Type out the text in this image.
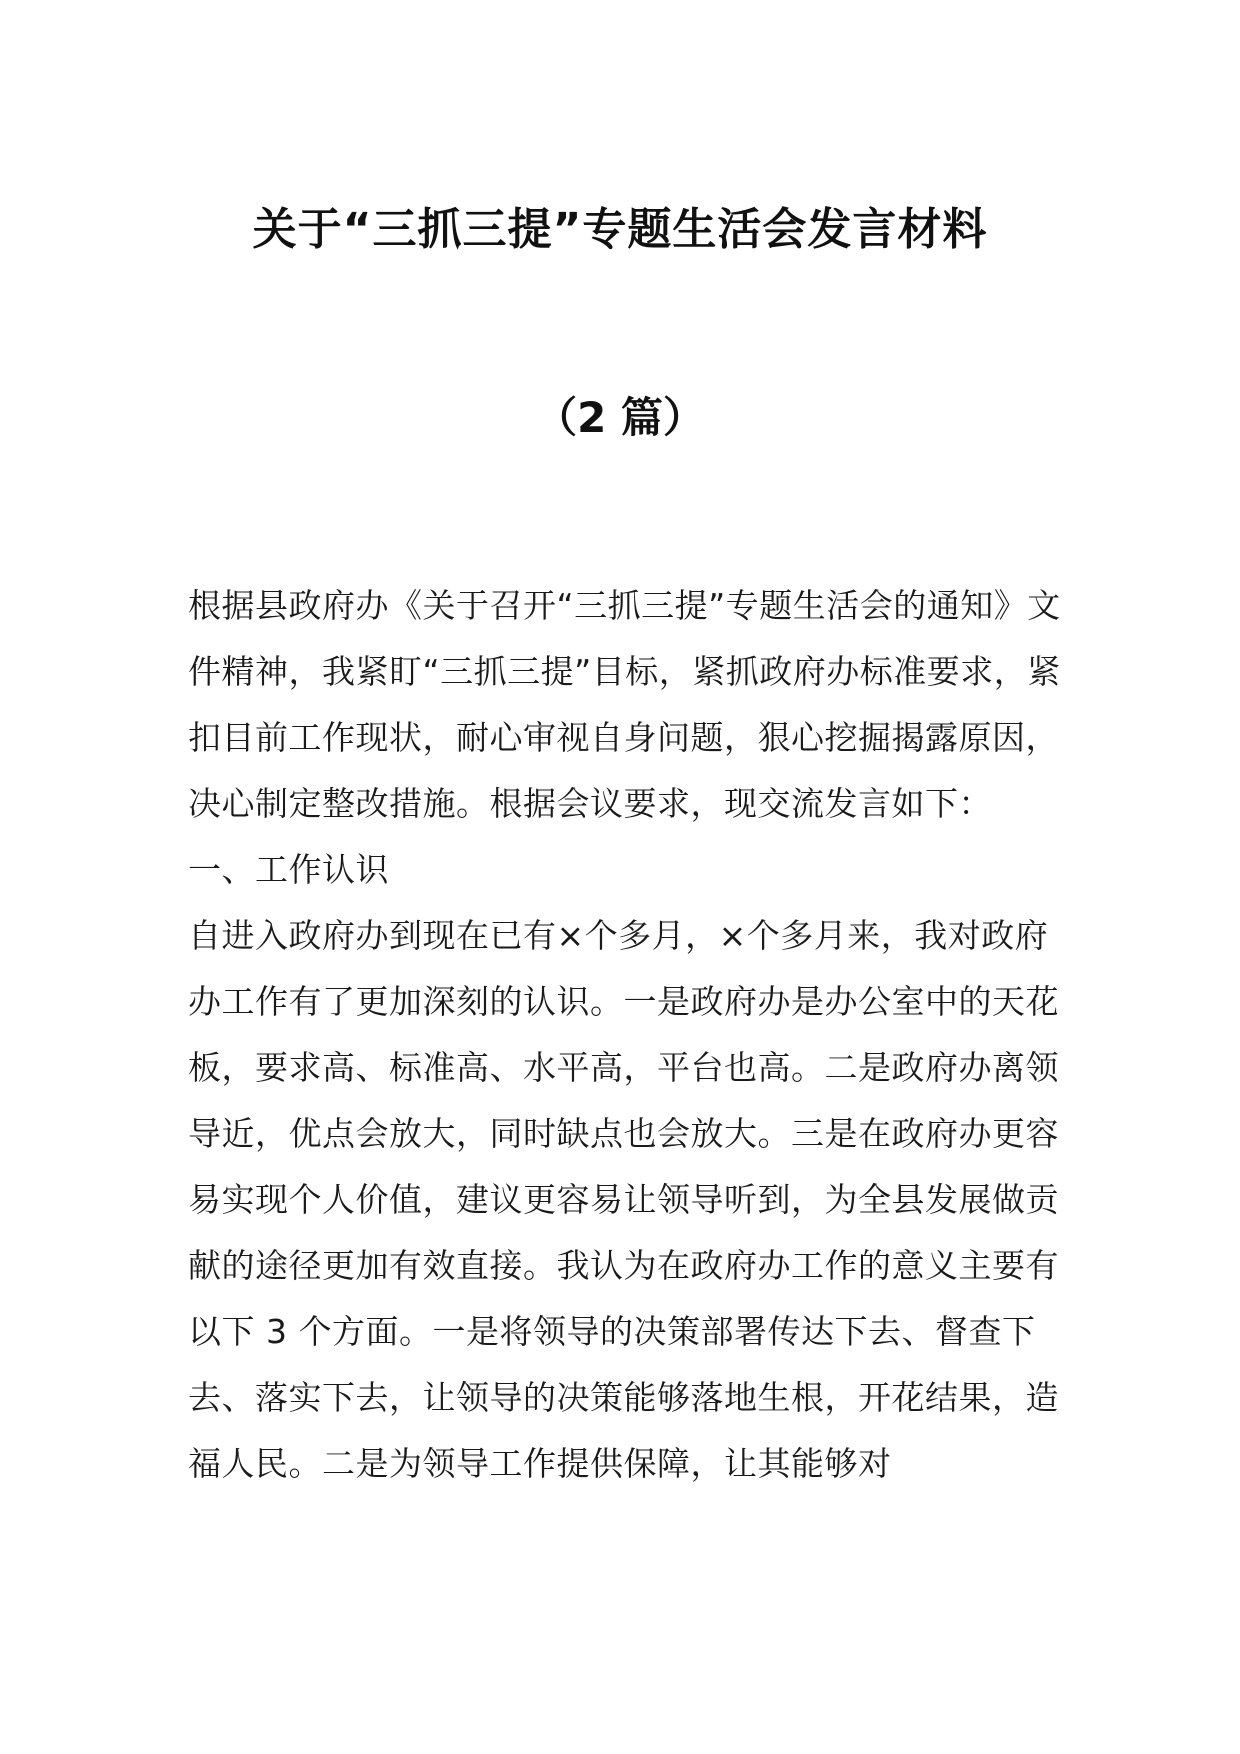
关于“三抓三提”专题生活会发言材料
（2 篇）

根据县政府办《关于召开“三抓三提”专题生活会的通知》文件精神，我紧盯“三抓三提”目标，紧抓政府办标准要求，紧扣目前工作现状，耐心审视自身问题，狠心挖掘揭露原因，决心制定整改措施。根据会议要求，现交流发言如下：

一、工作认识

自进入政府办到现在已有×个多月，×个多月来，我对政府办工作有了更加深刻的认识。一是政府办是办公室中的天花板，要求高、标准高、水平高，平台也高。二是政府办离领导近，优点会放大，同时缺点也会放大。三是在政府办更容易实现个人价值，建议更容易让领导听到，为全县发展做贡献的途径更加有效直接。我认为在政府办工作的意义主要有以下 3 个方面。一是将领导的决策部署传达下去、督查下去、落实下去，让领导的决策能够落地生根，开花结果，造福人民。二是为领导工作提供保障，让其能够对
